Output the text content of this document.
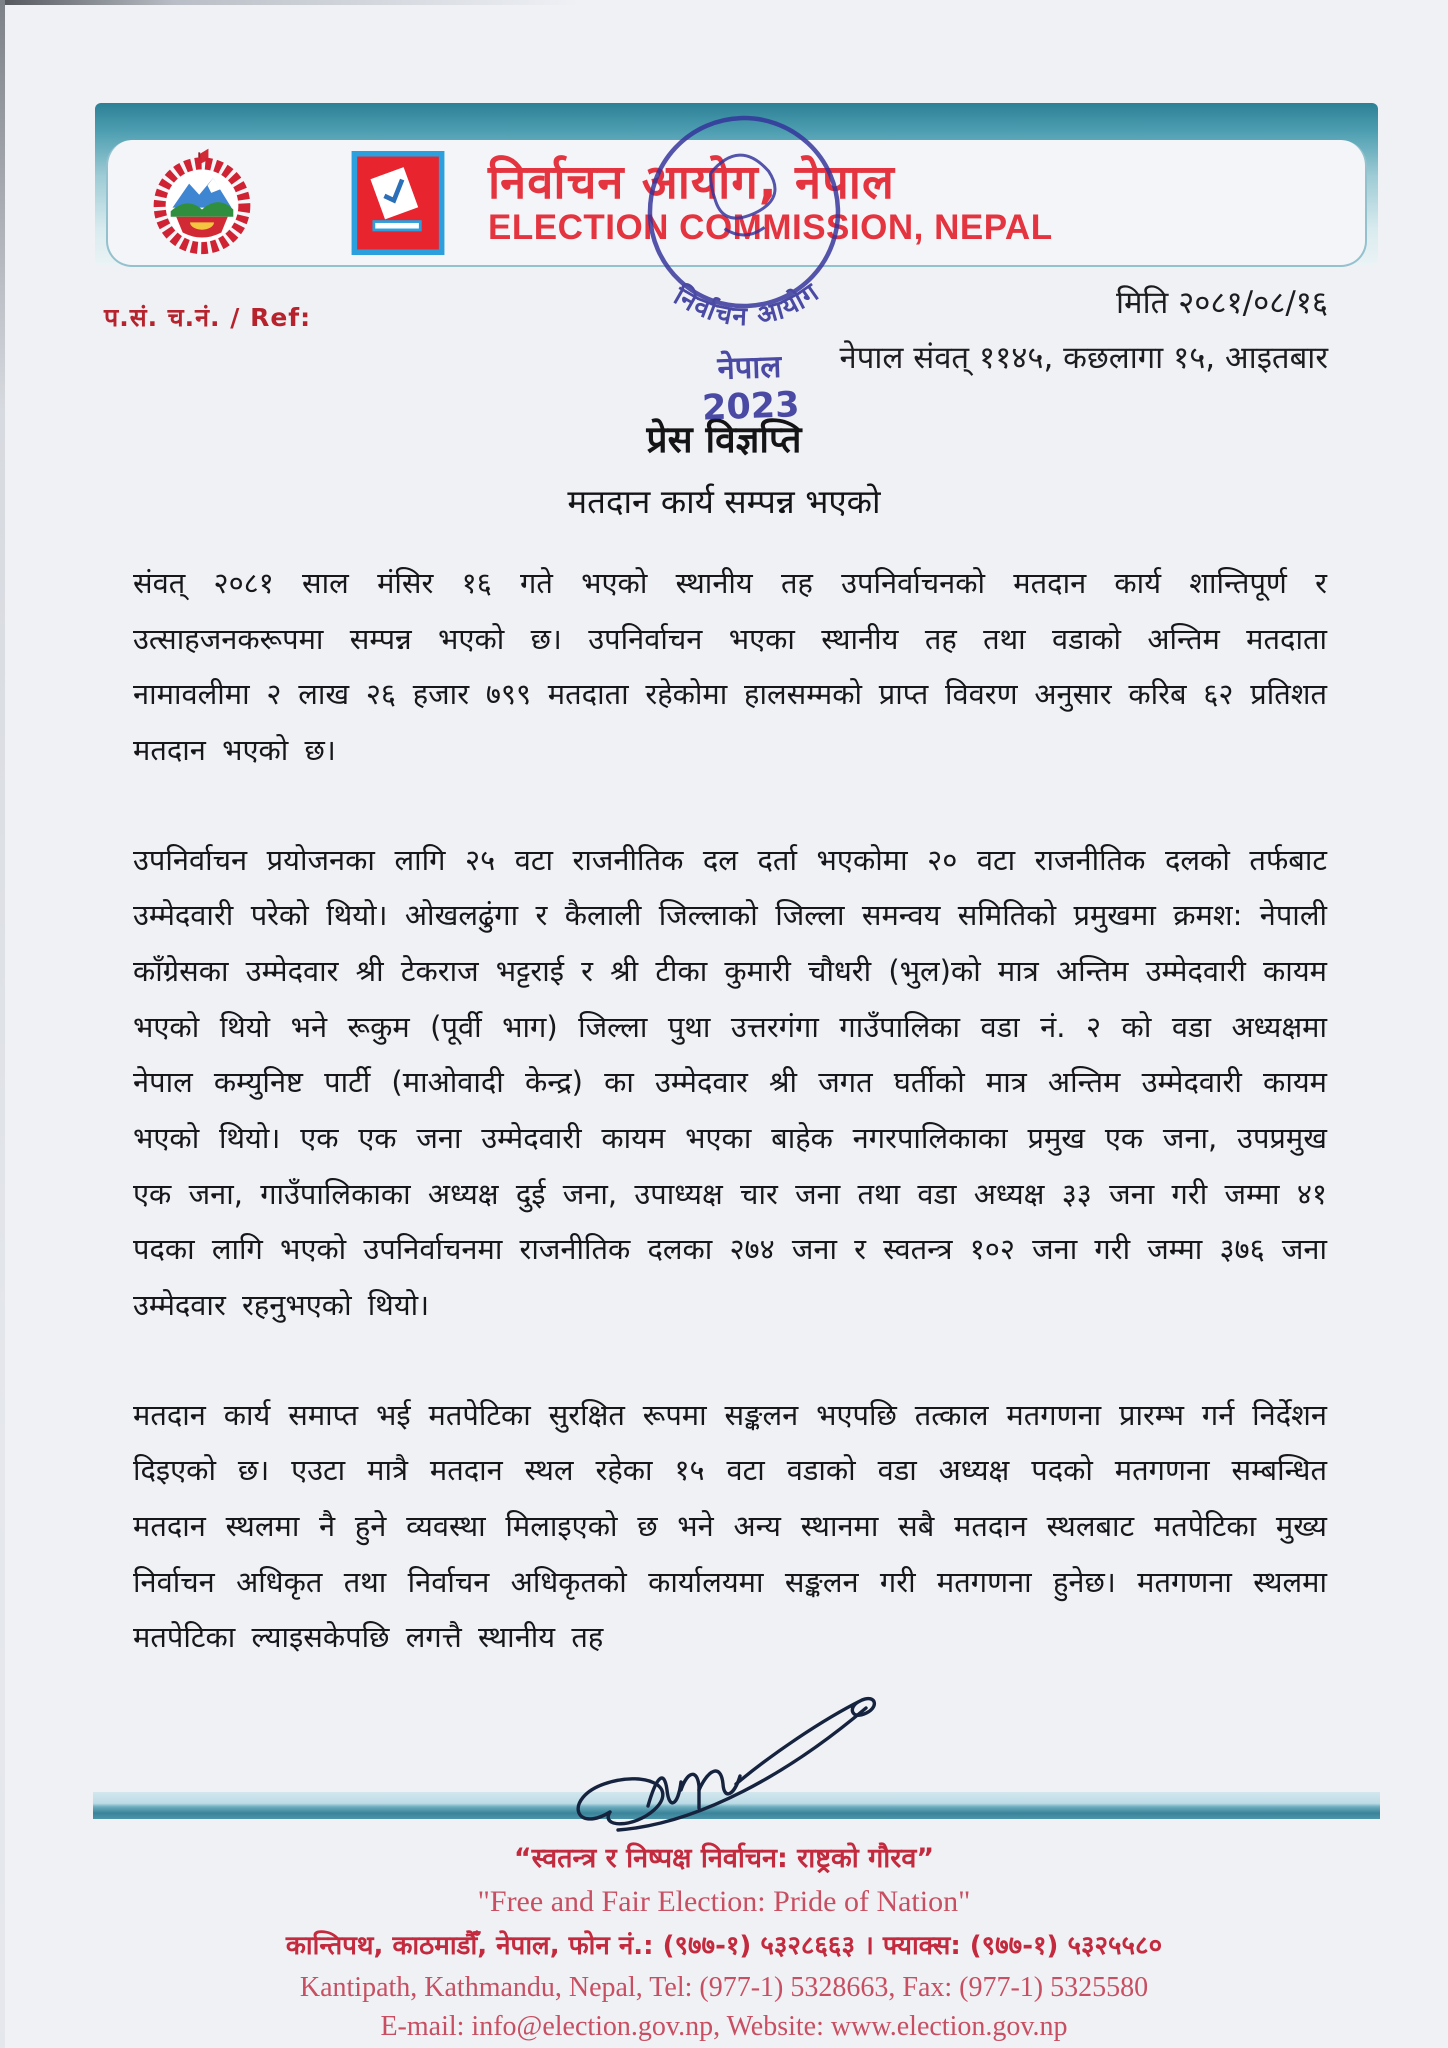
निर्वाचन आयोग, नेपाल
ELECTION COMMISSION, NEPAL
निर्वाचन आयोग
नेपाल
2023
प.सं. च.नं. / Ref:	मिति २०८१/०८/१६
नेपाल संवत् ११४५, कछलागा १५, आइतबार
प्रेस विज्ञप्ति
मतदान कार्य सम्पन्न भएको

संवत् २०८१ साल मंसिर १६ गते भएको स्थानीय तह उपनिर्वाचनको मतदान कार्य शान्तिपूर्ण र उत्साहजनकरूपमा सम्पन्न भएको छ। उपनिर्वाचन भएका स्थानीय तह तथा वडाको अन्तिम मतदाता नामावलीमा २ लाख २६ हजार ७९९ मतदाता रहेकोमा हालसम्मको प्राप्त विवरण अनुसार करिब ६२ प्रतिशत मतदान भएको छ।

उपनिर्वाचन प्रयोजनका लागि २५ वटा राजनीतिक दल दर्ता भएकोमा २० वटा राजनीतिक दलको तर्फबाट उम्मेदवारी परेको थियो। ओखलढुंगा र कैलाली जिल्लाको जिल्ला समन्वय समितिको प्रमुखमा क्रमश: नेपाली काँग्रेसका उम्मेदवार श्री टेकराज भट्टराई र श्री टीका कुमारी चौधरी (भुल)को मात्र अन्तिम उम्मेदवारी कायम भएको थियो भने रूकुम (पूर्वी भाग) जिल्ला पुथा उत्तरगंगा गाउँपालिका वडा नं. २ को वडा अध्यक्षमा नेपाल कम्युनिष्ट पार्टी (माओवादी केन्द्र) का उम्मेदवार श्री जगत घर्तीको मात्र अन्तिम उम्मेदवारी कायम भएको थियो। एक एक जना उम्मेदवारी कायम भएका बाहेक नगरपालिकाका प्रमुख एक जना, उपप्रमुख एक जना, गाउँपालिकाका अध्यक्ष दुई जना, उपाध्यक्ष चार जना तथा वडा अध्यक्ष ३३ जना गरी जम्मा ४१ पदका लागि भएको उपनिर्वाचनमा राजनीतिक दलका २७४ जना र स्वतन्त्र १०२ जना गरी जम्मा ३७६ जना उम्मेदवार रहनुभएको थियो।

मतदान कार्य समाप्त भई मतपेटिका सुरक्षित रूपमा सङ्कलन भएपछि तत्काल मतगणना प्रारम्भ गर्न निर्देशन दिइएको छ। एउटा मात्रै मतदान स्थल रहेका १५ वटा वडाको वडा अध्यक्ष पदको मतगणना सम्बन्धित मतदान स्थलमा नै हुने व्यवस्था मिलाइएको छ भने अन्य स्थानमा सबै मतदान स्थलबाट मतपेटिका मुख्य निर्वाचन अधिकृत तथा निर्वाचन अधिकृतको कार्यालयमा सङ्कलन गरी मतगणना हुनेछ। मतगणना स्थलमा मतपेटिका ल्याइसकेपछि लगत्तै स्थानीय तह

“स्वतन्त्र र निष्पक्ष निर्वाचन: राष्ट्रको गौरव”
"Free and Fair Election: Pride of Nation"
कान्तिपथ, काठमाडौँ, नेपाल, फोन नं.: (९७७-१) ५३२८६६३ । फ्याक्स: (९७७-१) ५३२५५८०
Kantipath, Kathmandu, Nepal, Tel: (977-1) 5328663, Fax: (977-1) 5325580
E-mail: info@election.gov.np, Website: www.election.gov.np
